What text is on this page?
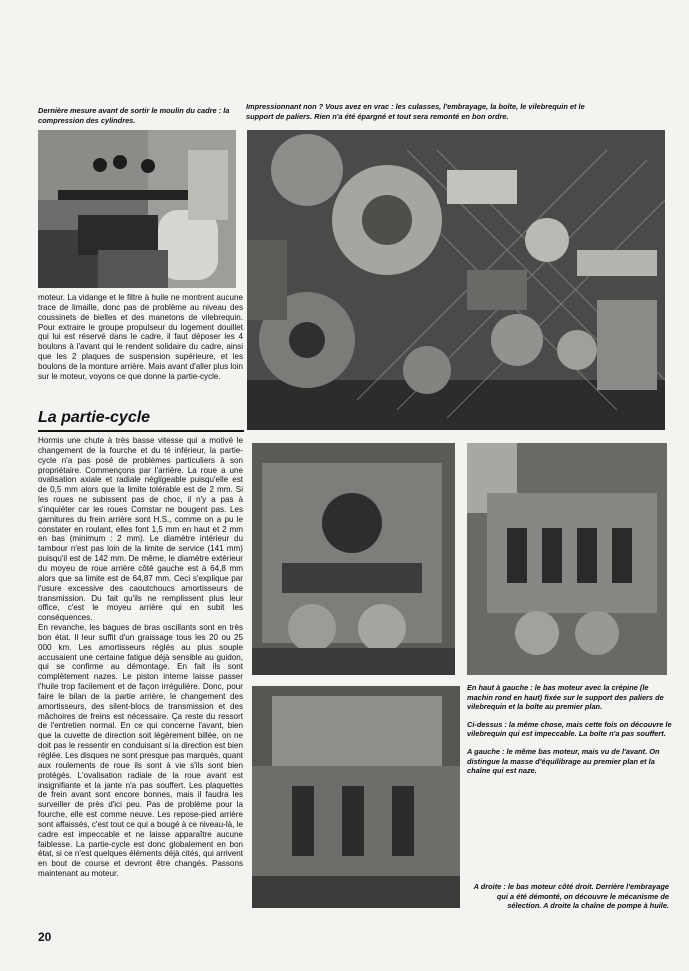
Dernière mesure avant de sortir le moulin du cadre : la compression des cylindres.

Impressionnant non ? Vous avez en vrac : les culasses, l'embrayage, la boîte, le vilebrequin et le support de paliers. Rien n'a été épargné et tout sera remonté en bon ordre.

moteur. La vidange et le filtre à huile ne montrent aucune trace de limaille, donc pas de problème au niveau des coussinets de bielles et des manetons de vilebrequin. Pour extraire le groupe propulseur du logement douillet qui lui est réservé dans le cadre, il faut déposer les 4 boulons à l'avant qui le rendent solidaire du cadre, ainsi que les 2 plaques de suspension supérieure, et les boulons de la monture arrière. Mais avant d'aller plus loin sur le moteur, voyons ce que donne la partie-cycle.

La partie-cycle

Hormis une chute à très basse vitesse qui a motivé le changement de la fourche et du té inférieur, la partie-cycle n'a pas posé de problèmes particuliers à son propriétaire. Commençons par l'arrière. La roue a une ovalisation axiale et radiale négligeable puisqu'elle est de 0,5 mm alors que la limite tolérable est de 2 mm. Si les roues ne subissent pas de choc, il n'y a pas à s'inquiéter car les roues Comstar ne bougent pas. Les garnitures du frein arrière sont H.S., comme on a pu le constater en roulant, elles font 1,5 mm en haut et 2 mm en bas (minimum : 2 mm). Le diamètre intérieur du tambour n'est pas loin de la limite de service (141 mm) puisqu'il est de 142 mm. De même, le diamètre extérieur du moyeu de roue arrière côté gauche est à 64,8 mm alors que sa limite est de 64,87 mm. Ceci s'explique par l'usure excessive des caoutchoucs amortisseurs de transmission. Du fait qu'ils ne remplissent plus leur office, c'est le moyeu arrière qui en subit les conséquences.

En revanche, les bagues de bras oscillants sont en très bon état. Il leur suffit d'un graissage tous les 20 ou 25 000 km. Les amortisseurs réglés au plus souple accusaient une certaine fatigue déjà sensible au guidon, qui se confirme au démontage. En fait ils sont complètement nazes. Le piston interne laisse passer l'huile trop facilement et de façon irrégulière. Donc, pour faire le bilan de la partie arrière, le changement des amortisseurs, des silent-blocs de transmission et des mâchoires de freins est nécessaire. Ça reste du ressort de l'entretien normal. En ce qui concerne l'avant, bien que la cuvette de direction soit légèrement billée, on ne doit pas le ressentir en conduisant si la direction est bien réglée. Les disques ne sont presque pas marqués, quant aux roulements de roue ils sont à vie s'ils sont bien protégés. L'ovalisation radiale de la roue avant est insignifiante et la jante n'a pas souffert. Les plaquettes de frein avant sont encore bonnes, mais il faudra les surveiller de près d'ici peu. Pas de problème pour la fourche, elle est comme neuve. Les repose-pied arrière sont affaissés, c'est tout ce qui a bougé à ce niveau-là, le cadre est impeccable et ne laisse apparaître aucune faiblesse. La partie-cycle est donc globalement en bon état, si ce n'est quelques éléments déjà cités, qui arrivent en bout de course et devront être changés. Passons maintenant au moteur.

En haut à gauche : le bas moteur avec la crépine (le machin rond en haut) fixée sur le support des paliers de vilebrequin et la boîte au premier plan.

Ci-dessus : la même chose, mais cette fois on découvre le vilebrequin qui est impeccable. La boîte n'a pas souffert.

A gauche : le même bas moteur, mais vu de l'avant. On distingue la masse d'équilibrage au premier plan et la chaîne qui est naze.

A droite : le bas moteur côté droit. Derrière l'embrayage qui a été démonté, on découvre le mécanisme de sélection. A droite la chaîne de pompe à huile.

20
